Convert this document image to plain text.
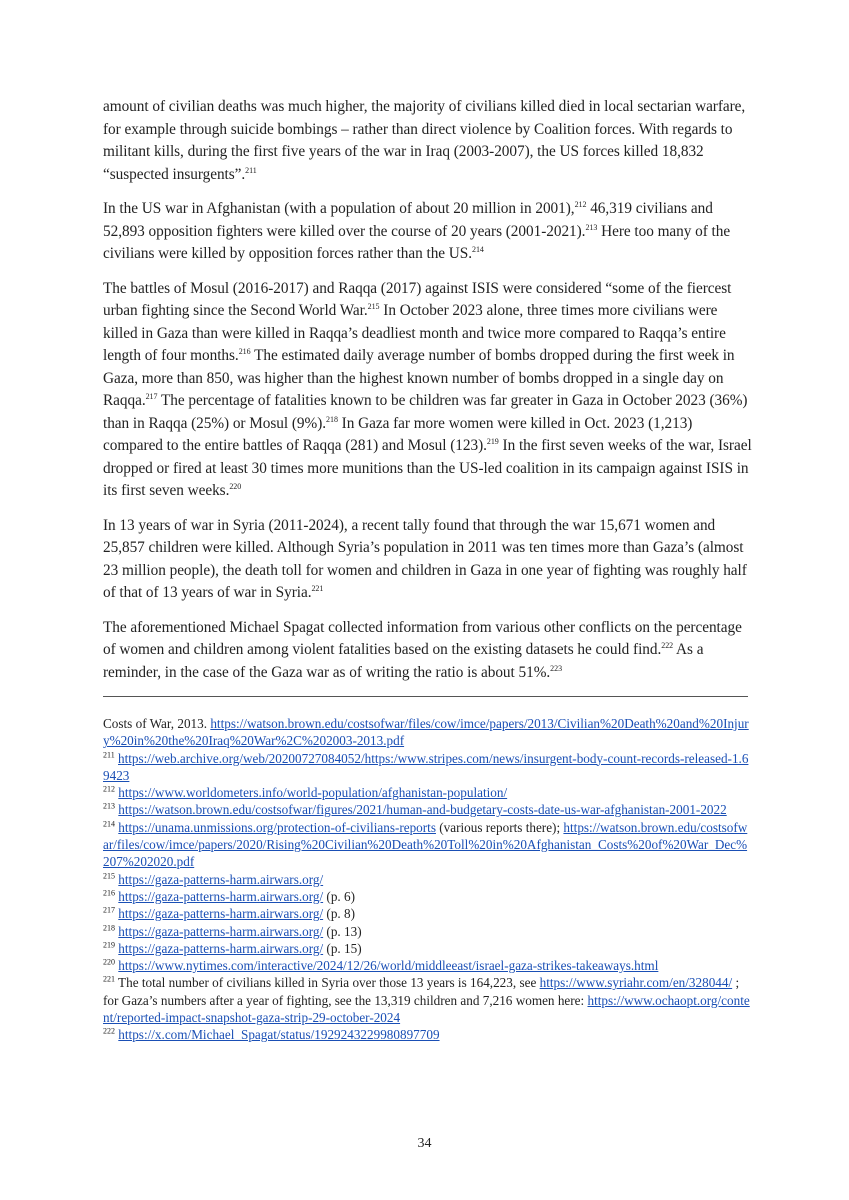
amount of civilian deaths was much higher, the majority of civilians killed died in local sectarian warfare, for example through suicide bombings – rather than direct violence by Coalition forces. With regards to militant kills, during the first five years of the war in Iraq (2003-2007), the US forces killed 18,832 “suspected insurgents”.$^{211}$

In the US war in Afghanistan (with a population of about 20 million in 2001),$^{212}$ 46,319 civilians and 52,893 opposition fighters were killed over the course of 20 years (2001-2021).$^{213}$ Here too many of the civilians were killed by opposition forces rather than the US.$^{214}$

The battles of Mosul (2016-2017) and Raqqa (2017) against ISIS were considered “some of the fiercest urban fighting since the Second World War.$^{215}$ In October 2023 alone, three times more civilians were killed in Gaza than were killed in Raqqa’s deadliest month and twice more compared to Raqqa’s entire length of four months.$^{216}$ The estimated daily average number of bombs dropped during the first week in Gaza, more than 850, was higher than the highest known number of bombs dropped in a single day on Raqqa.$^{217}$ The percentage of fatalities known to be children was far greater in Gaza in October 2023 (36%) than in Raqqa (25%) or Mosul (9%).$^{218}$ In Gaza far more women were killed in Oct. 2023 (1,213) compared to the entire battles of Raqqa (281) and Mosul (123).$^{219}$ In the first seven weeks of the war, Israel dropped or fired at least 30 times more munitions than the US-led coalition in its campaign against ISIS in its first seven weeks.$^{220}$

In 13 years of war in Syria (2011-2024), a recent tally found that through the war 15,671 women and 25,857 children were killed. Although Syria’s population in 2011 was ten times more than Gaza’s (almost 23 million people), the death toll for women and children in Gaza in one year of fighting was roughly half of that of 13 years of war in Syria.$^{221}$

The aforementioned Michael Spagat collected information from various other conflicts on the percentage of women and children among violent fatalities based on the existing datasets he could find.$^{222}$ As a reminder, in the case of the Gaza war as of writing the ratio is about 51%.$^{223}$

Costs of War, 2013. https://watson.brown.edu/costsofwar/files/cow/imce/papers/2013/Civilian%20Death%20and%20Injury%20in%20the%20Iraq%20War%2C%202003-2013.pdf
$^{211}$ https://web.archive.org/web/20200727084052/https:/www.stripes.com/news/insurgent-body-count-records-released-1.69423
$^{212}$ https://www.worldometers.info/world-population/afghanistan-population/
$^{213}$ https://watson.brown.edu/costsofwar/figures/2021/human-and-budgetary-costs-date-us-war-afghanistan-2001-2022
$^{214}$ https://unama.unmissions.org/protection-of-civilians-reports (various reports there); https://watson.brown.edu/costsofwar/files/cow/imce/papers/2020/Rising%20Civilian%20Death%20Toll%20in%20Afghanistan_Costs%20of%20War_Dec%207%202020.pdf
$^{215}$ https://gaza-patterns-harm.airwars.org/
$^{216}$ https://gaza-patterns-harm.airwars.org/ (p. 6)
$^{217}$ https://gaza-patterns-harm.airwars.org/ (p. 8)
$^{218}$ https://gaza-patterns-harm.airwars.org/ (p. 13)
$^{219}$ https://gaza-patterns-harm.airwars.org/ (p. 15)
$^{220}$ https://www.nytimes.com/interactive/2024/12/26/world/middleeast/israel-gaza-strikes-takeaways.html
$^{221}$ The total number of civilians killed in Syria over those 13 years is 164,223, see https://www.syriahr.com/en/328044/ ; for Gaza’s numbers after a year of fighting, see the 13,319 children and 7,216 women here: https://www.ochaopt.org/content/reported-impact-snapshot-gaza-strip-29-october-2024
$^{222}$ https://x.com/Michael_Spagat/status/1929243229980897709
34
